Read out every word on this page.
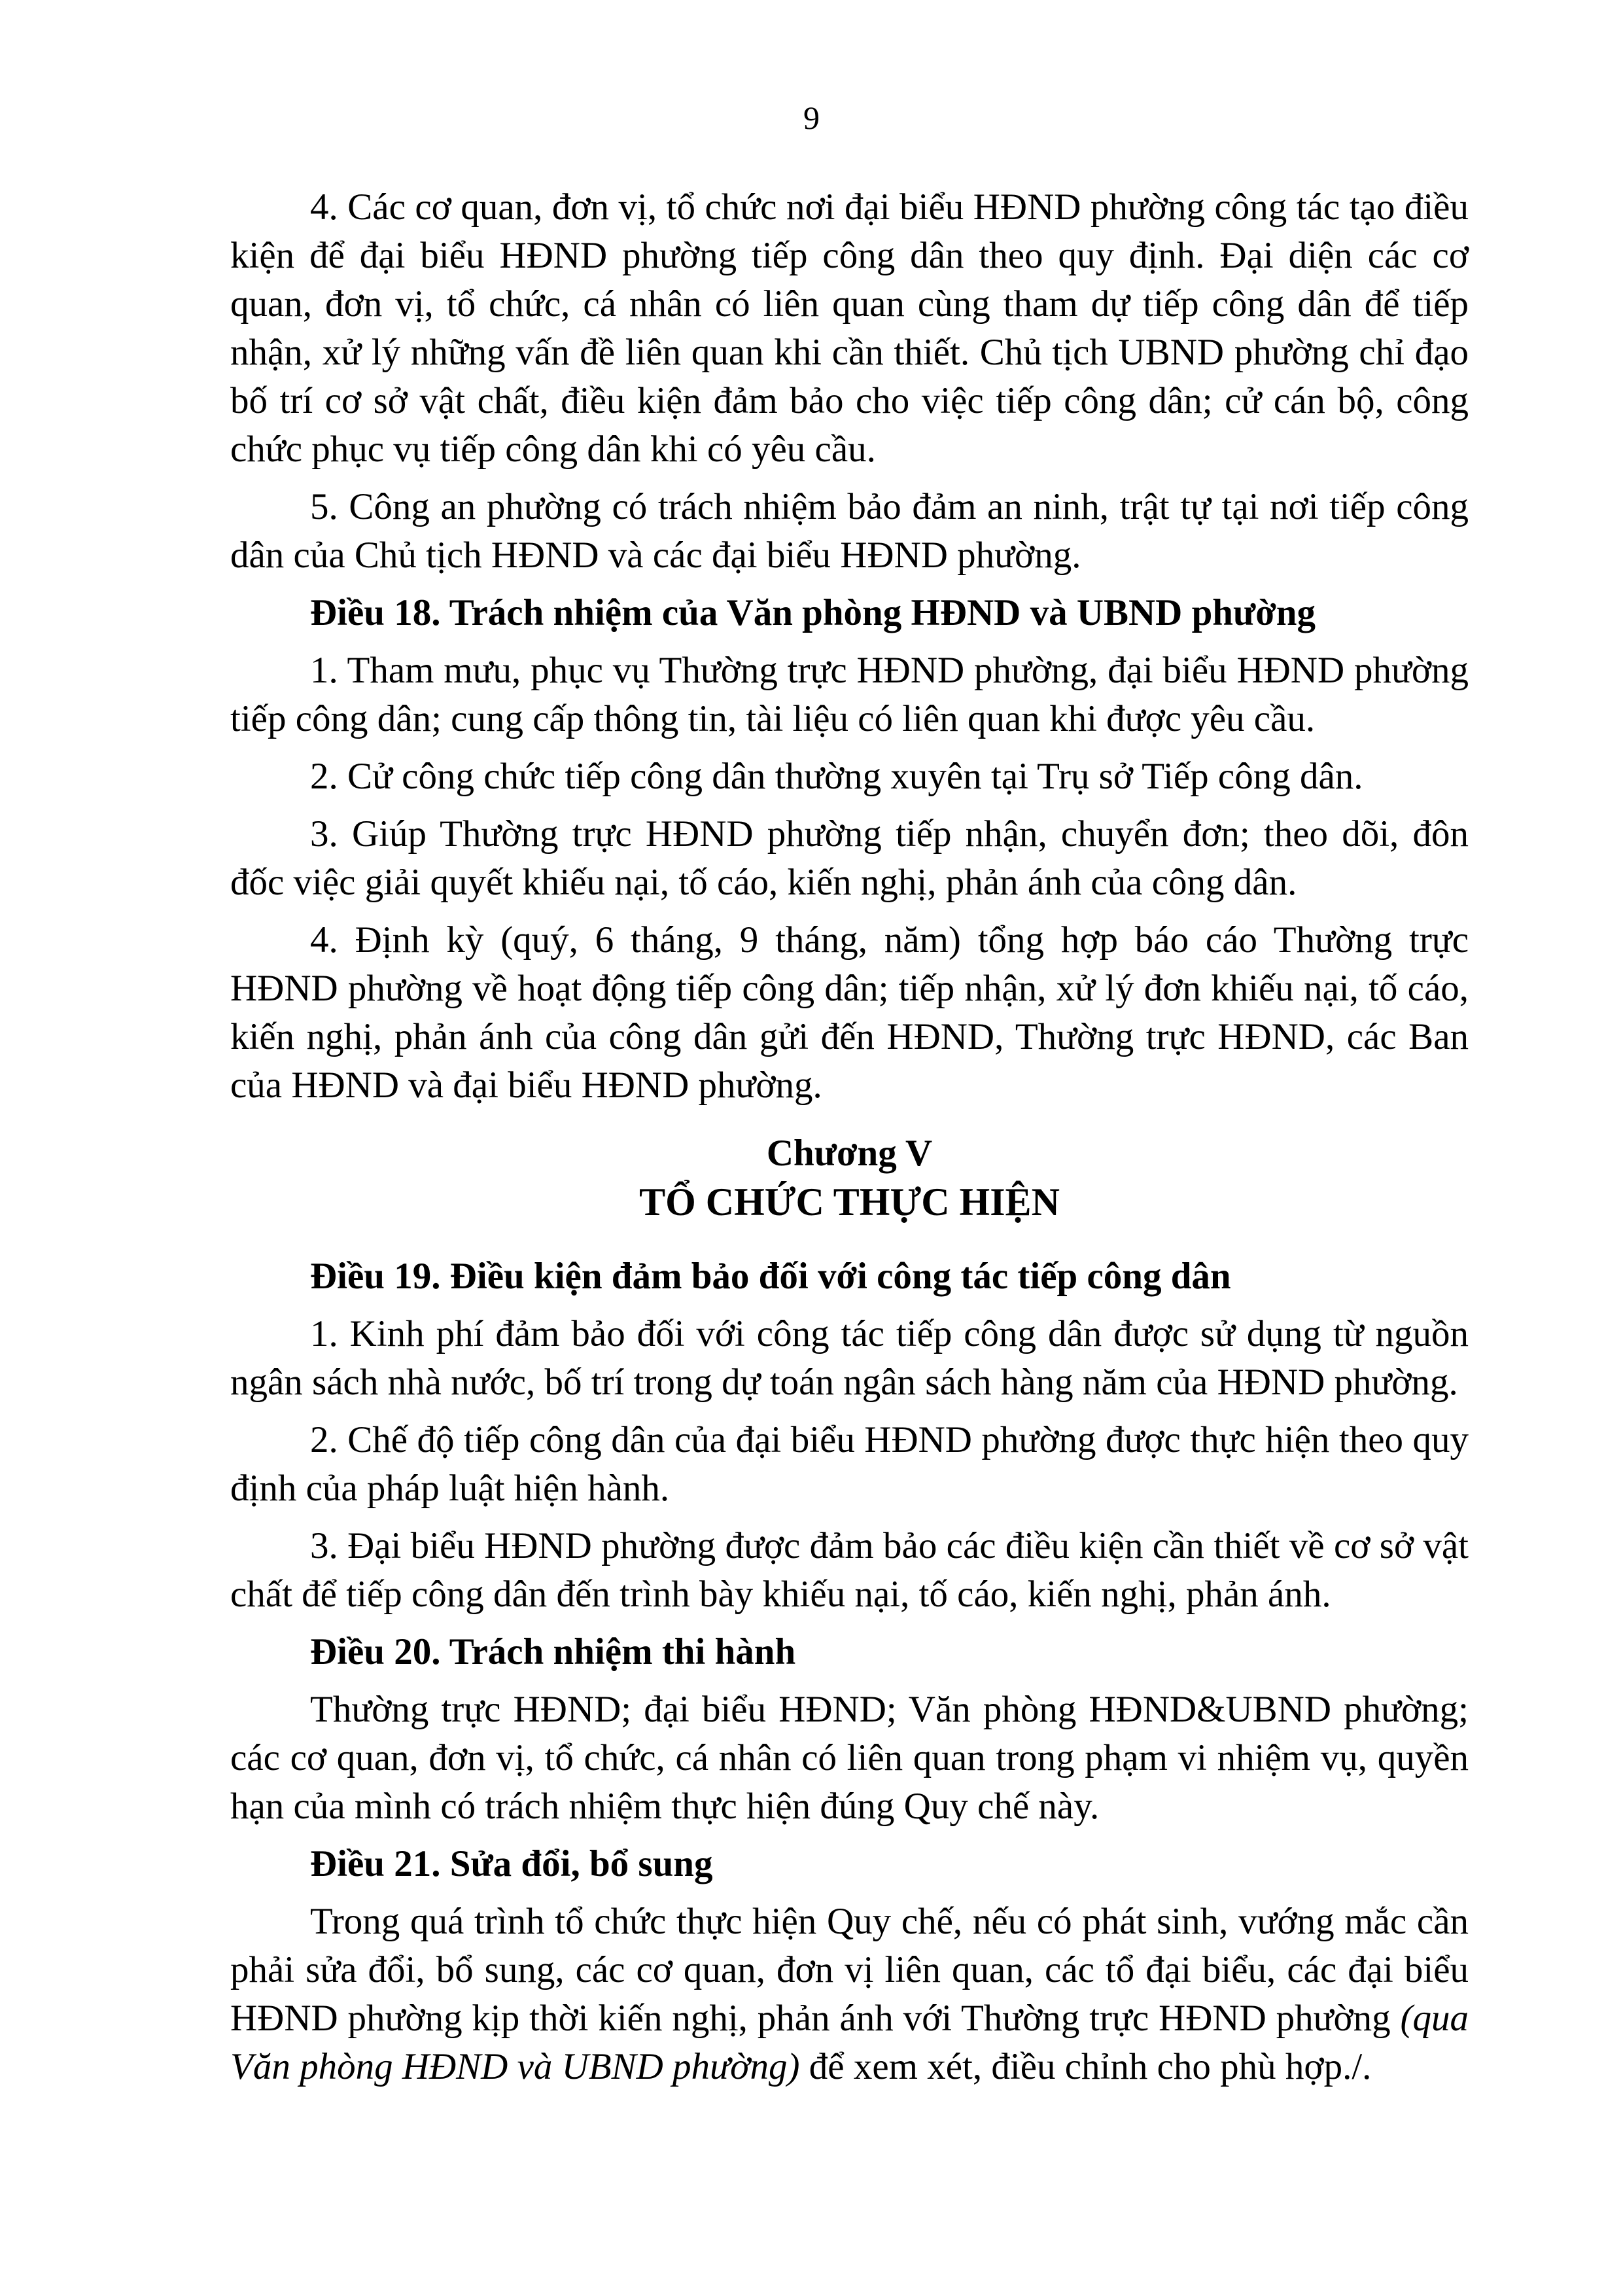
9

4. Các cơ quan, đơn vị, tổ chức nơi đại biểu HĐND phường công tác tạo điều kiện để đại biểu HĐND phường tiếp công dân theo quy định. Đại diện các cơ quan, đơn vị, tổ chức, cá nhân có liên quan cùng tham dự tiếp công dân để tiếp nhận, xử lý những vấn đề liên quan khi cần thiết. Chủ tịch UBND phường chỉ đạo bố trí cơ sở vật chất, điều kiện đảm bảo cho việc tiếp công dân; cử cán bộ, công chức phục vụ tiếp công dân khi có yêu cầu.

5. Công an phường có trách nhiệm bảo đảm an ninh, trật tự tại nơi tiếp công dân của Chủ tịch HĐND và các đại biểu HĐND phường.

Điều 18. Trách nhiệm của Văn phòng HĐND và UBND phường

1. Tham mưu, phục vụ Thường trực HĐND phường, đại biểu HĐND phường tiếp công dân; cung cấp thông tin, tài liệu có liên quan khi được yêu cầu.

2. Cử công chức tiếp công dân thường xuyên tại Trụ sở Tiếp công dân.

3. Giúp Thường trực HĐND phường tiếp nhận, chuyển đơn; theo dõi, đôn đốc việc giải quyết khiếu nại, tố cáo, kiến nghị, phản ánh của công dân.

4. Định kỳ (quý, 6 tháng, 9 tháng, năm) tổng hợp báo cáo Thường trực HĐND phường về hoạt động tiếp công dân; tiếp nhận, xử lý đơn khiếu nại, tố cáo, kiến nghị, phản ánh của công dân gửi đến HĐND, Thường trực HĐND, các Ban của HĐND và đại biểu HĐND phường.

Chương V

TỔ CHỨC THỰC HIỆN

Điều 19. Điều kiện đảm bảo đối với công tác tiếp công dân

1. Kinh phí đảm bảo đối với công tác tiếp công dân được sử dụng từ nguồn ngân sách nhà nước, bố trí trong dự toán ngân sách hàng năm của HĐND phường.

2. Chế độ tiếp công dân của đại biểu HĐND phường được thực hiện theo quy định của pháp luật hiện hành.

3. Đại biểu HĐND phường được đảm bảo các điều kiện cần thiết về cơ sở vật chất để tiếp công dân đến trình bày khiếu nại, tố cáo, kiến nghị, phản ánh.

Điều 20. Trách nhiệm thi hành

Thường trực HĐND; đại biểu HĐND; Văn phòng HĐND&UBND phường; các cơ quan, đơn vị, tổ chức, cá nhân có liên quan trong phạm vi nhiệm vụ, quyền hạn của mình có trách nhiệm thực hiện đúng Quy chế này.

Điều 21. Sửa đổi, bổ sung

Trong quá trình tổ chức thực hiện Quy chế, nếu có phát sinh, vướng mắc cần phải sửa đổi, bổ sung, các cơ quan, đơn vị liên quan, các tổ đại biểu, các đại biểu HĐND phường kịp thời kiến nghị, phản ánh với Thường trực HĐND phường (qua Văn phòng HĐND và UBND phường) để xem xét, điều chỉnh cho phù hợp./.
